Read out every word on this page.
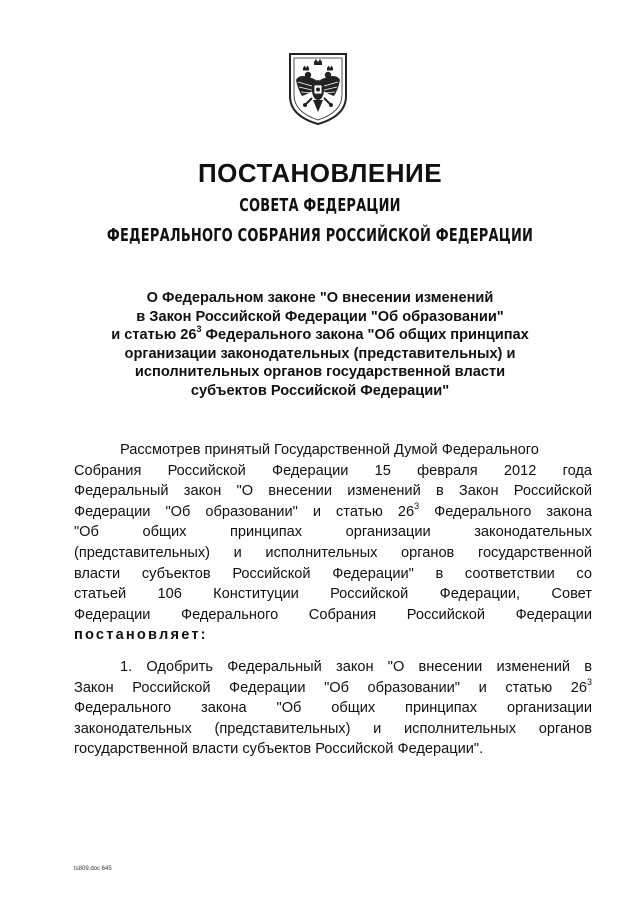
ПОСТАНОВЛЕНИЕ
СОВЕТА ФЕДЕРАЦИИ
ФЕДЕРАЛЬНОГО СОБРАНИЯ РОССИЙСКОЙ ФЕДЕРАЦИИ
О Федеральном законе "О внесении изменений
в Закон Российской Федерации "Об образовании"
и статью $26^3$ Федерального закона "Об общих принципах
организации законодательных (представительных) и
исполнительных органов государственной власти
субъектов Российской Федерации"
Рассмотрев принятый Государственной Думой Федерального
Собрания Российской Федерации 15 февраля 2012 года
Федеральный закон "О внесении изменений в Закон Российской
Федерации "Об образовании" и статью $26^3$ Федерального закона
"Об общих принципах организации законодательных
(представительных) и исполнительных органов государственной
власти субъектов Российской Федерации" в соответствии со
статьей 106 Конституции Российской Федерации, Совет
Федерации Федерального Собрания Российской Федерации
постановляет:
1. Одобрить Федеральный закон "О внесении изменений в
Закон Российской Федерации "Об образовании" и статью $26^3$
Федерального закона "Об общих принципах организации
законодательных (представительных) и исполнительных органов
государственной власти субъектов Российской Федерации".
ts809.doc 645
